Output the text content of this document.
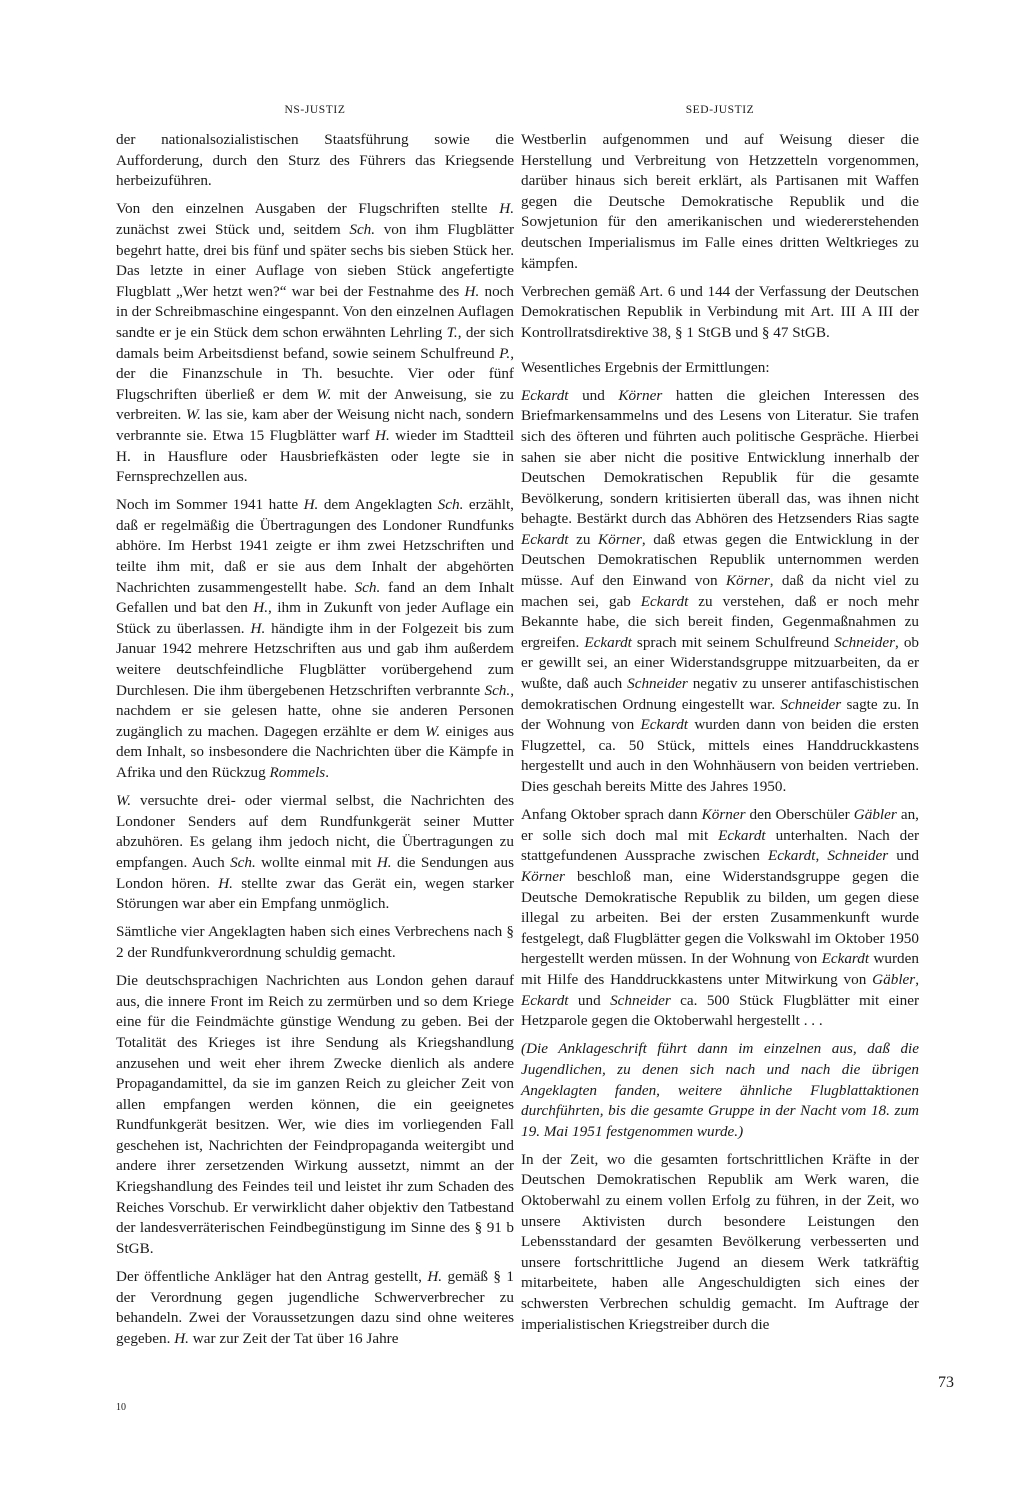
NS-JUSTIZ	SED-JUSTIZ

der nationalsozialistischen Staatsführung sowie die Aufforderung, durch den Sturz des Führers das Kriegsende herbeizuführen.

Von den einzelnen Ausgaben der Flugschriften stellte H. zunächst zwei Stück und, seitdem Sch. von ihm Flugblätter begehrt hatte, drei bis fünf und später sechs bis sieben Stück her. Das letzte in einer Auflage von sieben Stück angefertigte Flugblatt „Wer hetzt wen?“ war bei der Festnahme des H. noch in der Schreibmaschine eingespannt. Von den einzelnen Auflagen sandte er je ein Stück dem schon erwähnten Lehrling T., der sich damals beim Arbeitsdienst befand, sowie seinem Schulfreund P., der die Finanzschule in Th. besuchte. Vier oder fünf Flugschriften überließ er dem W. mit der Anweisung, sie zu verbreiten. W. las sie, kam aber der Weisung nicht nach, sondern verbrannte sie. Etwa 15 Flugblätter warf H. wieder im Stadtteil H. in Hausflure oder Hausbriefkästen oder legte sie in Fernsprechzellen aus.

Noch im Sommer 1941 hatte H. dem Angeklagten Sch. erzählt, daß er regelmäßig die Übertragungen des Londoner Rundfunks abhöre. Im Herbst 1941 zeigte er ihm zwei Hetzschriften und teilte ihm mit, daß er sie aus dem Inhalt der abgehörten Nachrichten zusammengestellt habe. Sch. fand an dem Inhalt Gefallen und bat den H., ihm in Zukunft von jeder Auflage ein Stück zu überlassen. H. händigte ihm in der Folgezeit bis zum Januar 1942 mehrere Hetzschriften aus und gab ihm außerdem weitere deutschfeindliche Flugblätter vorübergehend zum Durchlesen. Die ihm übergebenen Hetzschriften verbrannte Sch., nachdem er sie gelesen hatte, ohne sie anderen Personen zugänglich zu machen. Dagegen erzählte er dem W. einiges aus dem Inhalt, so insbesondere die Nachrichten über die Kämpfe in Afrika und den Rückzug Rommels.

W. versuchte drei- oder viermal selbst, die Nachrichten des Londoner Senders auf dem Rundfunkgerät seiner Mutter abzuhören. Es gelang ihm jedoch nicht, die Übertragungen zu empfangen. Auch Sch. wollte einmal mit H. die Sendungen aus London hören. H. stellte zwar das Gerät ein, wegen starker Störungen war aber ein Empfang unmöglich.

Sämtliche vier Angeklagten haben sich eines Verbrechens nach § 2 der Rundfunkverordnung schuldig gemacht.

Die deutschsprachigen Nachrichten aus London gehen darauf aus, die innere Front im Reich zu zermürben und so dem Kriege eine für die Feindmächte günstige Wendung zu geben. Bei der Totalität des Krieges ist ihre Sendung als Kriegshandlung anzusehen und weit eher ihrem Zwecke dienlich als andere Propagandamittel, da sie im ganzen Reich zu gleicher Zeit von allen empfangen werden können, die ein geeignetes Rundfunkgerät besitzen. Wer, wie dies im vorliegenden Fall geschehen ist, Nachrichten der Feindpropaganda weitergibt und andere ihrer zersetzenden Wirkung aussetzt, nimmt an der Kriegshandlung des Feindes teil und leistet ihr zum Schaden des Reiches Vorschub. Er verwirklicht daher objektiv den Tatbestand der landesverräterischen Feindbegünstigung im Sinne des § 91 b StGB.

Der öffentliche Ankläger hat den Antrag gestellt, H. gemäß § 1 der Verordnung gegen jugendliche Schwerverbrecher zu behandeln. Zwei der Voraussetzungen dazu sind ohne weiteres gegeben. H. war zur Zeit der Tat über 16 Jahre

Westberlin aufgenommen und auf Weisung dieser die Herstellung und Verbreitung von Hetzzetteln vorgenommen, darüber hinaus sich bereit erklärt, als Partisanen mit Waffen gegen die Deutsche Demokratische Republik und die Sowjetunion für den amerikanischen und wiedererstehenden deutschen Imperialismus im Falle eines dritten Weltkrieges zu kämpfen.

Verbrechen gemäß Art. 6 und 144 der Verfassung der Deutschen Demokratischen Republik in Verbindung mit Art. III A III der Kontrollratsdirektive 38, § 1 StGB und § 47 StGB.

Wesentliches Ergebnis der Ermittlungen:

Eckardt und Körner hatten die gleichen Interessen des Briefmarkensammelns und des Lesens von Literatur. Sie trafen sich des öfteren und führten auch politische Gespräche. Hierbei sahen sie aber nicht die positive Entwicklung innerhalb der Deutschen Demokratischen Republik für die gesamte Bevölkerung, sondern kritisierten überall das, was ihnen nicht behagte. Bestärkt durch das Abhören des Hetzsenders Rias sagte Eckardt zu Körner, daß etwas gegen die Entwicklung in der Deutschen Demokratischen Republik unternommen werden müsse. Auf den Einwand von Körner, daß da nicht viel zu machen sei, gab Eckardt zu verstehen, daß er noch mehr Bekannte habe, die sich bereit finden, Gegenmaßnahmen zu ergreifen. Eckardt sprach mit seinem Schulfreund Schneider, ob er gewillt sei, an einer Widerstandsgruppe mitzuarbeiten, da er wußte, daß auch Schneider negativ zu unserer antifaschistischen demokratischen Ordnung eingestellt war. Schneider sagte zu. In der Wohnung von Eckardt wurden dann von beiden die ersten Flugzettel, ca. 50 Stück, mittels eines Handdruckkastens hergestellt und auch in den Wohnhäusern von beiden vertrieben. Dies geschah bereits Mitte des Jahres 1950.

Anfang Oktober sprach dann Körner den Oberschüler Gäbler an, er solle sich doch mal mit Eckardt unterhalten. Nach der stattgefundenen Aussprache zwischen Eckardt, Schneider und Körner beschloß man, eine Widerstandsgruppe gegen die Deutsche Demokratische Republik zu bilden, um gegen diese illegal zu arbeiten. Bei der ersten Zusammenkunft wurde festgelegt, daß Flugblätter gegen die Volkswahl im Oktober 1950 hergestellt werden müssen. In der Wohnung von Eckardt wurden mit Hilfe des Handdruckkastens unter Mitwirkung von Gäbler, Eckardt und Schneider ca. 500 Stück Flugblätter mit einer Hetzparole gegen die Oktoberwahl hergestellt . . .

(Die Anklageschrift führt dann im einzelnen aus, daß die Jugendlichen, zu denen sich nach und nach die übrigen Angeklagten fanden, weitere ähnliche Flugblattaktionen durchführten, bis die gesamte Gruppe in der Nacht vom 18. zum 19. Mai 1951 festgenommen wurde.)

In der Zeit, wo die gesamten fortschrittlichen Kräfte in der Deutschen Demokratischen Republik am Werk waren, die Oktoberwahl zu einem vollen Erfolg zu führen, in der Zeit, wo unsere Aktivisten durch besondere Leistungen den Lebensstandard der gesamten Bevölkerung verbesserten und unsere fortschrittliche Jugend an diesem Werk tatkräftig mitarbeitete, haben alle Angeschuldigten sich eines der schwersten Verbrechen schuldig gemacht. Im Auftrage der imperialistischen Kriegstreiber durch die

73
10
